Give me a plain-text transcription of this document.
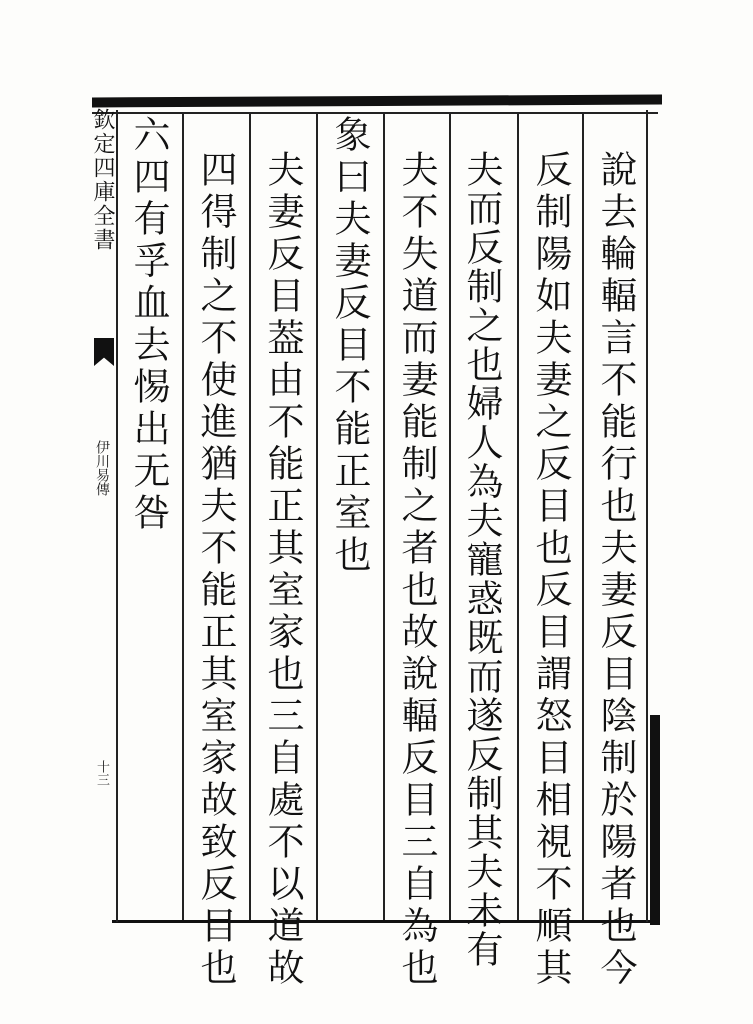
欽定四庫全書
伊川易傳
十三	說去輪輻言不能行也夫妻反目陰制於陽者也今
反制陽如夫妻之反目也反目謂怒目相視不順其
夫而反制之也婦人為夫寵惑既而遂反制其夫未有
夫不失道而妻能制之者也故說輻反目三自為也
象曰夫妻反目不能正室也
夫妻反目葢由不能正其室家也三自處不以道故
四得制之不使進猶夫不能正其室家故致反目也
六四有孚血去惕出无咎
